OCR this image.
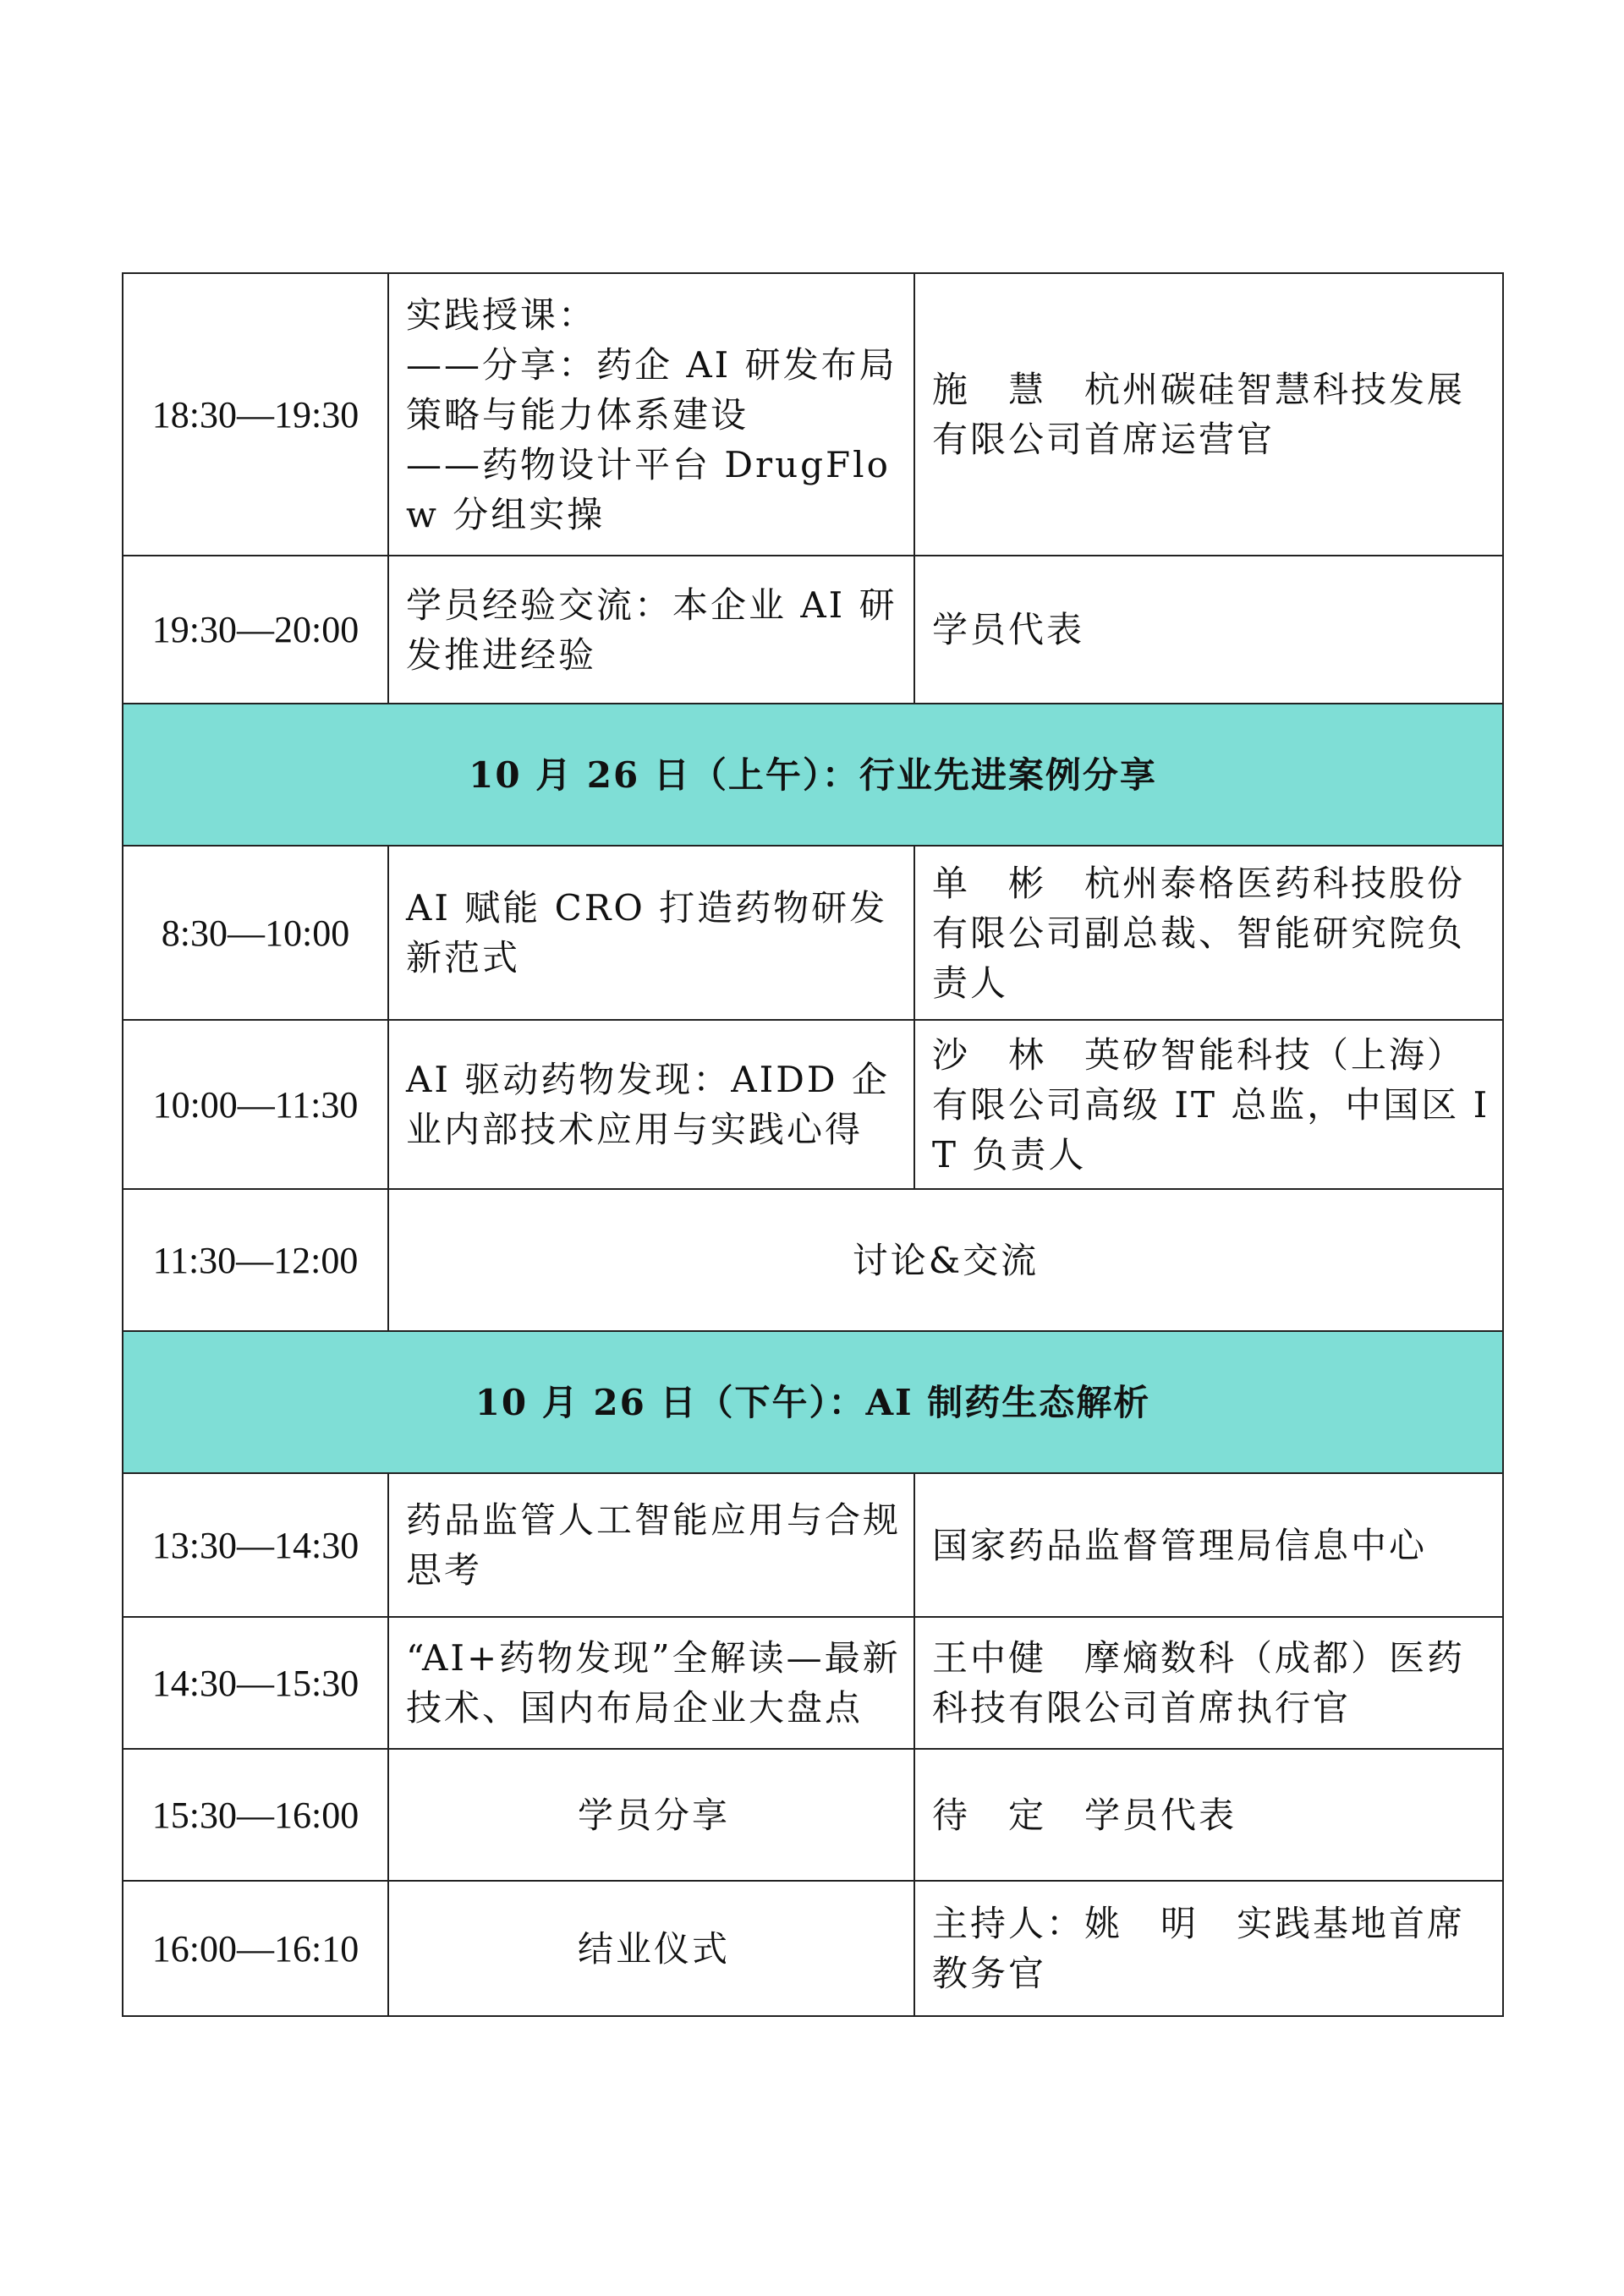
18:30—19:30	实践授课：
——分享：药企 AI 研发布局策略与能力体系建设
——药物设计平台 DrugFlow 分组实操	施　慧　杭州碳硅智慧科技发展有限公司首席运营官
19:30—20:00	学员经验交流：本企业 AI 研发推进经验	学员代表
10 月 26 日（上午）：行业先进案例分享		
8:30—10:00	AI 赋能 CRO 打造药物研发新范式	单　彬　杭州泰格医药科技股份有限公司副总裁、智能研究院负责人
10:00—11:30	AI 驱动药物发现：AIDD 企业内部技术应用与实践心得	沙　林　英矽智能科技（上海）有限公司高级 IT 总监，中国区 IT 负责人
11:30—12:00	讨论&交流	
10 月 26 日（下午）：AI 制药生态解析		
13:30—14:30	药品监管人工智能应用与合规思考	国家药品监督管理局信息中心
14:30—15:30	“AI+药物发现”全解读—最新技术、国内布局企业大盘点	王中健　摩熵数科（成都）医药科技有限公司首席执行官
15:30—16:00	学员分享	待　定　学员代表
16:00—16:10	结业仪式	主持人：姚　明　实践基地首席教务官
